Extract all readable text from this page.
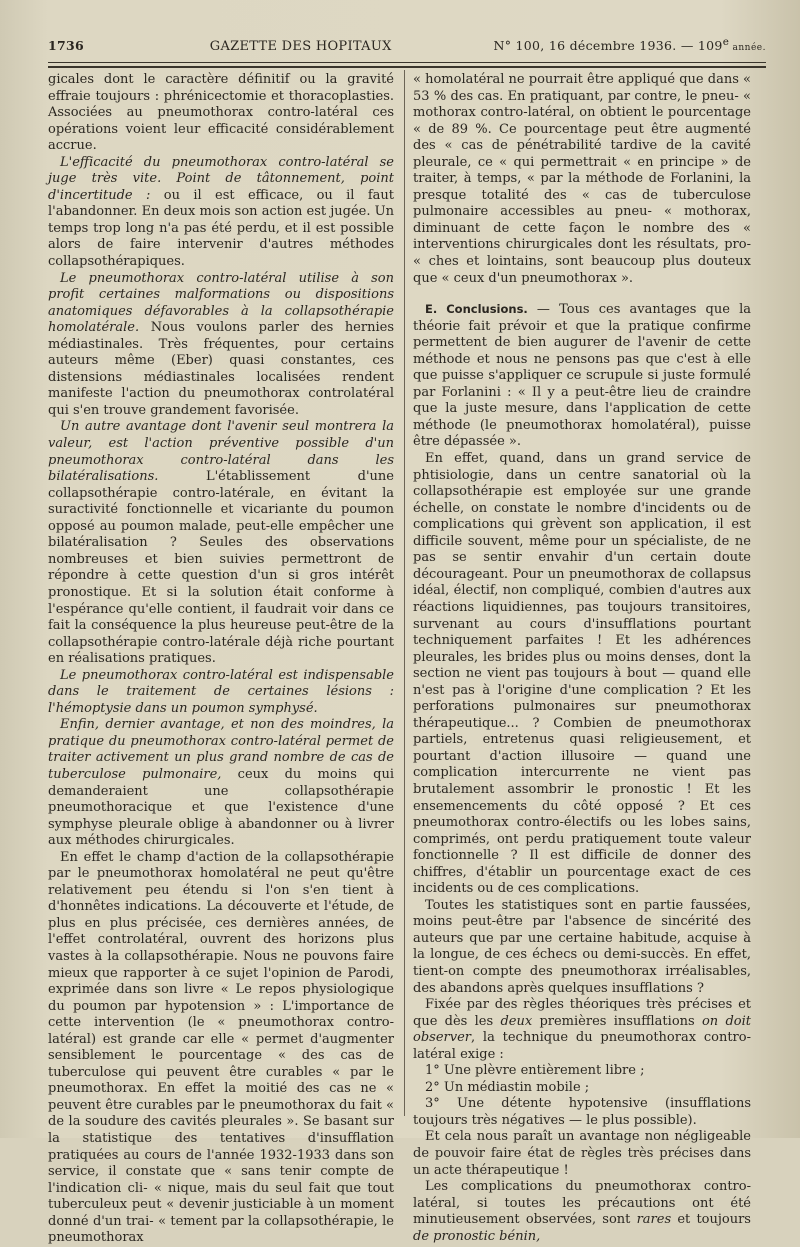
1736	GAZETTE DES HOPITAUX	N° 100, 16 décembre 1936. — 109e année.

gicales dont le caractère définitif ou la gravité effraie toujours : phrénicectomie et thoracoplasties. Associées au pneumothorax contro-latéral ces opérations voient leur efficacité considérablement accrue.

L'efficacité du pneumothorax contro-latéral se juge très vite. Point de tâtonnement, point d'incertitude : ou il est efficace, ou il faut l'abandonner. En deux mois son action est jugée. Un temps trop long n'a pas été perdu, et il est possible alors de faire intervenir d'autres méthodes collapsothérapiques.

Le pneumothorax contro-latéral utilise à son profit certaines malformations ou dispositions anatomiques défavorables à la collapsothérapie homolatérale. Nous voulons parler des hernies médiastinales. Très fréquentes, pour certains auteurs même (Eber) quasi constantes, ces distensions médiastinales localisées rendent manifeste l'action du pneumothorax controlatéral qui s'en trouve grandement favorisée.

Un autre avantage dont l'avenir seul montrera la valeur, est l'action préventive possible d'un pneumothorax contro-latéral dans les bilatéralisations. L'établissement d'une collapsothérapie contro-latérale, en évitant la suractivité fonctionnelle et vicariante du poumon opposé au poumon malade, peut-elle empêcher une bilatéralisation ? Seules des observations nombreuses et bien suivies permettront de répondre à cette question d'un si gros intérêt pronostique. Et si la solution était conforme à l'espérance qu'elle contient, il faudrait voir dans ce fait la conséquence la plus heureuse peut-être de la collapsothérapie contro-latérale déjà riche pourtant en réalisations pratiques.

Le pneumothorax contro-latéral est indispensable dans le traitement de certaines lésions : l'hémoptysie dans un poumon symphysé.

Enfin, dernier avantage, et non des moindres, la pratique du pneumothorax contro-latéral permet de traiter activement un plus grand nombre de cas de tuberculose pulmonaire, ceux du moins qui demanderaient une collapsothérapie pneumothoracique et que l'existence d'une symphyse pleurale oblige à abandonner ou à livrer aux méthodes chirurgicales.

En effet le champ d'action de la collapsothérapie par le pneumothorax homolatéral ne peut qu'être relativement peu étendu si l'on s'en tient à d'honnêtes indications. La découverte et l'étude, de plus en plus précisée, ces dernières années, de l'effet controlatéral, ouvrent des horizons plus vastes à la collapsothérapie. Nous ne pouvons faire mieux que rapporter à ce sujet l'opinion de Parodi, exprimée dans son livre « Le repos physiologique du poumon par hypotension » : L'importance de cette intervention (le « pneumothorax contro-latéral) est grande car elle « permet d'augmenter sensiblement le pourcentage « des cas de tuberculose qui peuvent être curables « par le pneumothorax. En effet la moitié des cas ne « peuvent être curables par le pneumothorax du fait « de la soudure des cavités pleurales ». Se basant sur la statistique des tentatives d'insufflation pratiquées au cours de l'année 1932-1933 dans son service, il constate que « sans tenir compte de l'indication cli- « nique, mais du seul fait que tout tuberculeux peut « devenir justiciable à un moment donné d'un trai- « tement par la collapsothérapie, le pneumothorax

« homolatéral ne pourrait être appliqué que dans « 53 % des cas. En pratiquant, par contre, le pneu- « mothorax contro-latéral, on obtient le pourcentage « de 89 %. Ce pourcentage peut être augmenté des « cas de pénétrabilité tardive de la cavité pleurale, ce « qui permettrait « en principe » de traiter, à temps, « par la méthode de Forlanini, la presque totalité des « cas de tuberculose pulmonaire accessibles au pneu- « mothorax, diminuant de cette façon le nombre des « interventions chirurgicales dont les résultats, pro- « ches et lointains, sont beaucoup plus douteux que « ceux d'un pneumothorax ».

E. Conclusions. — Tous ces avantages que la théorie fait prévoir et que la pratique confirme permettent de bien augurer de l'avenir de cette méthode et nous ne pensons pas que c'est à elle que puisse s'appliquer ce scrupule si juste formulé par Forlanini : « Il y a peut-être lieu de craindre que la juste mesure, dans l'application de cette méthode (le pneumothorax homolatéral), puisse être dépassée ».

En effet, quand, dans un grand service de phtisiologie, dans un centre sanatorial où la collapsothérapie est employée sur une grande échelle, on constate le nombre d'incidents ou de complications qui grèvent son application, il est difficile souvent, même pour un spécialiste, de ne pas se sentir envahir d'un certain doute décourageant. Pour un pneumothorax de collapsus idéal, électif, non compliqué, combien d'autres aux réactions liquidiennes, pas toujours transitoires, survenant au cours d'insufflations pourtant techniquement parfaites ! Et les adhérences pleurales, les brides plus ou moins denses, dont la section ne vient pas toujours à bout — quand elle n'est pas à l'origine d'une complication ? Et les perforations pulmonaires sur pneumothorax thérapeutique... ? Combien de pneumothorax partiels, entretenus quasi religieusement, et pourtant d'action illusoire — quand une complication intercurrente ne vient pas brutalement assombrir le pronostic ! Et les ensemencements du côté opposé ? Et ces pneumothorax contro-électifs ou les lobes sains, comprimés, ont perdu pratiquement toute valeur fonctionnelle ? Il est difficile de donner des chiffres, d'établir un pourcentage exact de ces incidents ou de ces complications.

Toutes les statistiques sont en partie faussées, moins peut-être par l'absence de sincérité des auteurs que par une certaine habitude, acquise à la longue, de ces échecs ou demi-succès. En effet, tient-on compte des pneumothorax irréalisables, des abandons après quelques insufflations ?

Fixée par des règles théoriques très précises et que dès les deux premières insufflations on doit observer, la technique du pneumothorax contro-latéral exige :

1° Une plèvre entièrement libre ;

2° Un médiastin mobile ;

3° Une détente hypotensive (insufflations toujours très négatives — le plus possible).

Et cela nous paraît un avantage non négligeable de pouvoir faire état de règles très précises dans un acte thérapeutique !

Les complications du pneumothorax contro-latéral, si toutes les précautions ont été minutieusement observées, sont rares et toujours de pronostic bénin,
